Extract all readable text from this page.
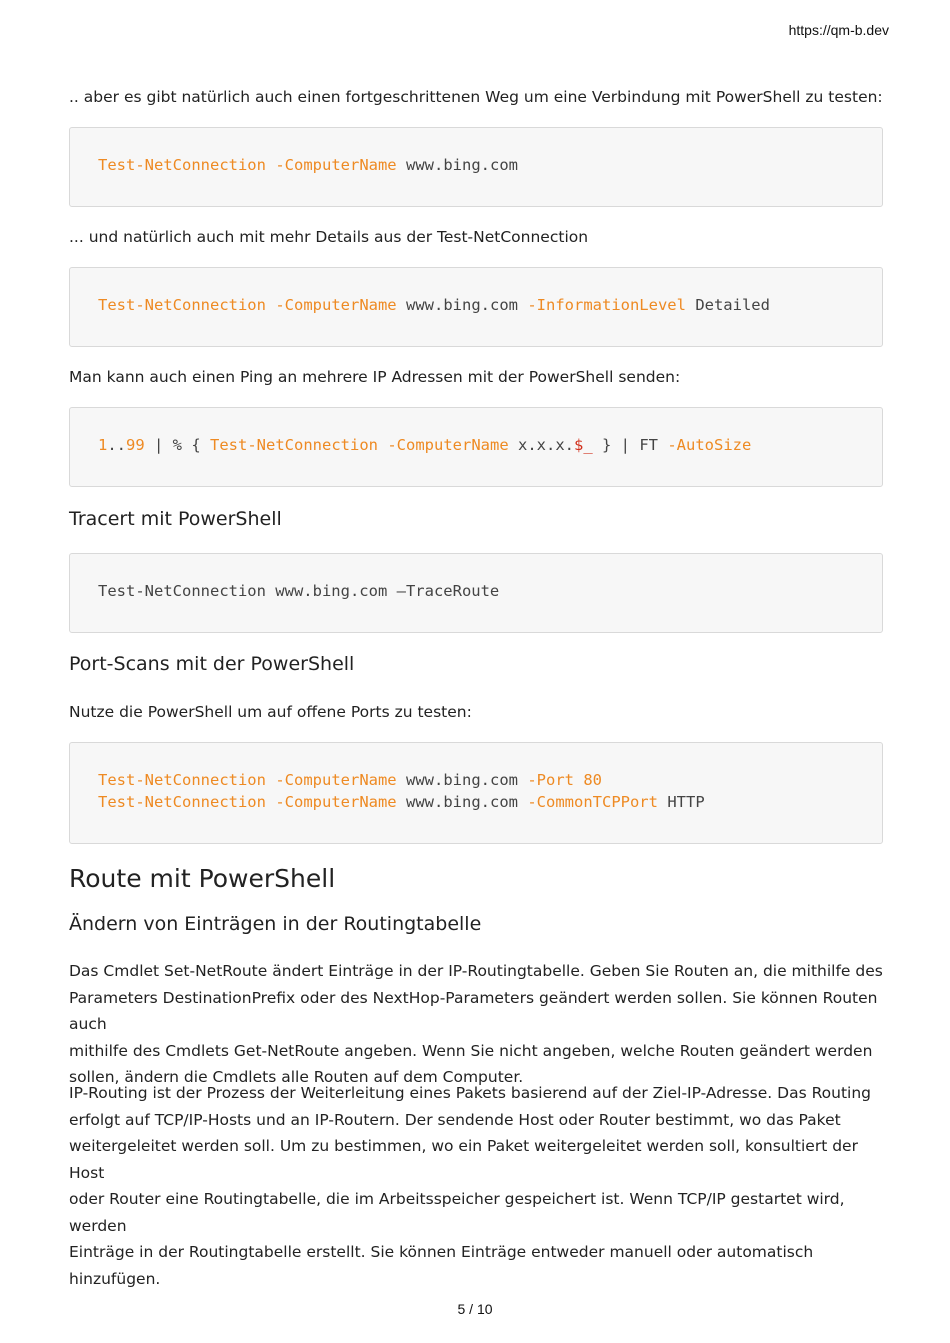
https://qm-b.dev

.. aber es gibt natürlich auch einen fortgeschrittenen Weg um eine Verbindung mit PowerShell zu testen:

Test-NetConnection -ComputerName www.bing.com

... und natürlich auch mit mehr Details aus der Test-NetConnection

Test-NetConnection -ComputerName www.bing.com -InformationLevel Detailed

Man kann auch einen Ping an mehrere IP Adressen mit der PowerShell senden:

1..99 | % { Test-NetConnection -ComputerName x.x.x.$_ } | FT -AutoSize

Tracert mit PowerShell

Test-NetConnection www.bing.com –TraceRoute

Port-Scans mit der PowerShell

Nutze die PowerShell um auf offene Ports zu testen:

Test-NetConnection -ComputerName www.bing.com -Port 80

Test-NetConnection -ComputerName www.bing.com -CommonTCPPort HTTP

Route mit PowerShell
Ändern von Einträgen in der Routingtabelle
Das Cmdlet Set-NetRoute ändert Einträge in der IP-Routingtabelle. Geben Sie Routen an, die mithilfe des
Parameters DestinationPrefix oder des NextHop-Parameters geändert werden sollen. Sie können Routen auch
mithilfe des Cmdlets Get-NetRoute angeben. Wenn Sie nicht angeben, welche Routen geändert werden
sollen, ändern die Cmdlets alle Routen auf dem Computer.
IP-Routing ist der Prozess der Weiterleitung eines Pakets basierend auf der Ziel-IP-Adresse. Das Routing
erfolgt auf TCP/IP-Hosts und an IP-Routern. Der sendende Host oder Router bestimmt, wo das Paket
weitergeleitet werden soll. Um zu bestimmen, wo ein Paket weitergeleitet werden soll, konsultiert der Host
oder Router eine Routingtabelle, die im Arbeitsspeicher gespeichert ist. Wenn TCP/IP gestartet wird, werden
Einträge in der Routingtabelle erstellt. Sie können Einträge entweder manuell oder automatisch hinzufügen.
5 / 10
